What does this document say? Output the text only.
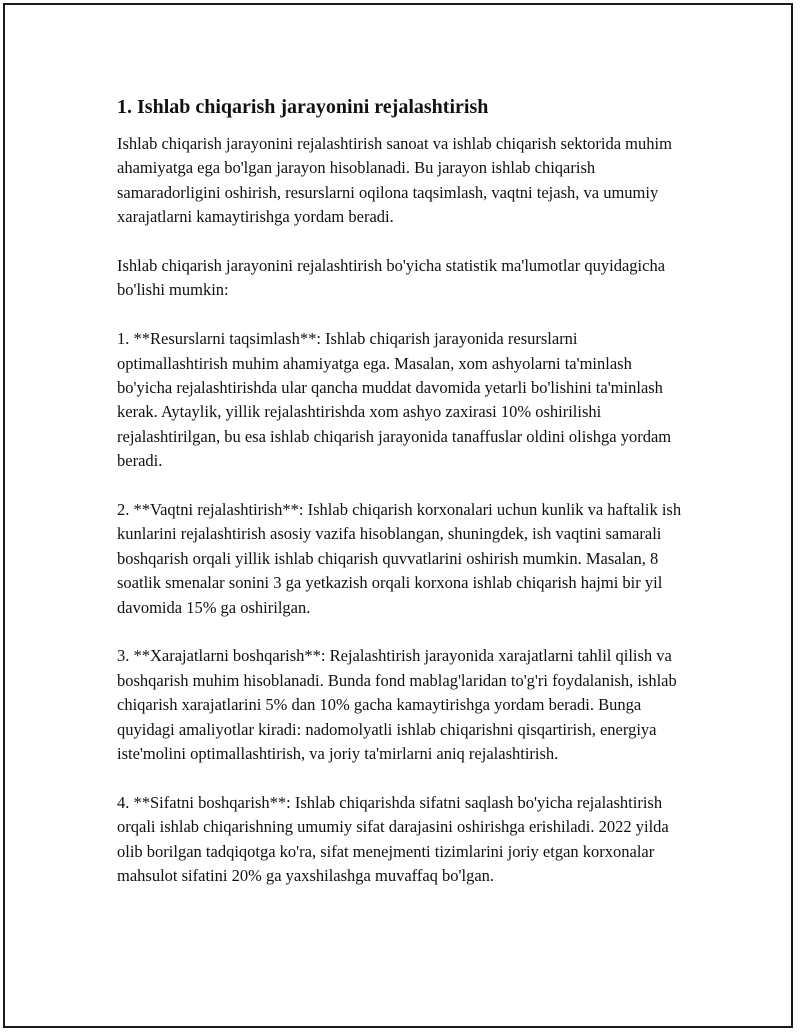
1. Ishlab chiqarish jarayonini rejalashtirish

Ishlab chiqarish jarayonini rejalashtirish sanoat va ishlab chiqarish sektorida muhim ahamiyatga ega bo'lgan jarayon hisoblanadi. Bu jarayon ishlab chiqarish samaradorligini oshirish, resurslarni oqilona taqsimlash, vaqtni tejash, va umumiy xarajatlarni kamaytirishga yordam beradi.

Ishlab chiqarish jarayonini rejalashtirish bo'yicha statistik ma'lumotlar quyidagicha bo'lishi mumkin:

1. **Resurslarni taqsimlash**: Ishlab chiqarish jarayonida resurslarni optimallashtirish muhim ahamiyatga ega. Masalan, xom ashyolarni ta'minlash bo'yicha rejalashtirishda ular qancha muddat davomida yetarli bo'lishini ta'minlash kerak. Aytaylik, yillik rejalashtirishda xom ashyo zaxirasi 10% oshirilishi rejalashtirilgan, bu esa ishlab chiqarish jarayonida tanaffuslar oldini olishga yordam beradi.

2. **Vaqtni rejalashtirish**: Ishlab chiqarish korxonalari uchun kunlik va haftalik ish kunlarini rejalashtirish asosiy vazifa hisoblangan, shuningdek, ish vaqtini samarali boshqarish orqali yillik ishlab chiqarish quvvatlarini oshirish mumkin. Masalan, 8 soatlik smenalar sonini 3 ga yetkazish orqali korxona ishlab chiqarish hajmi bir yil davomida 15% ga oshirilgan.

3. **Xarajatlarni boshqarish**: Rejalashtirish jarayonida xarajatlarni tahlil qilish va boshqarish muhim hisoblanadi. Bunda fond mablag'laridan to'g'ri foydalanish, ishlab chiqarish xarajatlarini 5% dan 10% gacha kamaytirishga yordam beradi. Bunga quyidagi amaliyotlar kiradi: nadomolyatli ishlab chiqarishni qisqartirish, energiya iste'molini optimallashtirish, va joriy ta'mirlarni aniq rejalashtirish.

4. **Sifatni boshqarish**: Ishlab chiqarishda sifatni saqlash bo'yicha rejalashtirish orqali ishlab chiqarishning umumiy sifat darajasini oshirishga erishiladi. 2022 yilda olib borilgan tadqiqotga ko'ra, sifat menejmenti tizimlarini joriy etgan korxonalar mahsulot sifatini 20% ga yaxshilashga muvaffaq bo'lgan.
